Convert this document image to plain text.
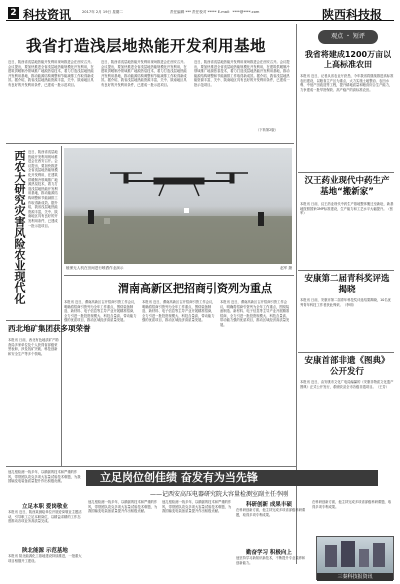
2 科技资讯	2017年 2月 19日 星期二	责任编辑 *** 责任校对 ***** E-mail：****@****.com	陕西科技报
我省打造浅层地热能开发利用基地
近日，陕西省浅层地热能开发利用现场推进会在西安召开。会议提出，要加快推进全省浅层地热能规模化开发利用，在建筑供暖制冷领域推广地源热泵技术，着力打造浅层地热能开发利用基地，推动能源结构调整和节能减排工作取得新成效。据介绍，我省浅层地热能资源丰富，关中、陕南地区具有良好的开发利用条件，已建成一批示范项目。
近日，陕西省浅层地热能开发利用现场推进会在西安召开。会议提出，要加快推进全省浅层地热能规模化开发利用，在建筑供暖制冷领域推广地源热泵技术，着力打造浅层地热能开发利用基地，推动能源结构调整和节能减排工作取得新成效。据介绍，我省浅层地热能资源丰富，关中、陕南地区具有良好的开发利用条件，已建成一批示范项目。
近日，陕西省浅层地热能开发利用现场推进会在西安召开。会议提出，要加快推进全省浅层地热能规模化开发利用，在建筑供暖制冷领域推广地源热泵技术，着力打造浅层地热能开发利用基地，推动能源结构调整和节能减排工作取得新成效。据介绍，我省浅层地热能资源丰富，关中、陕南地区具有良好的开发利用条件，已建成一批示范项目。
（下转第2版）
观点 ・ 短评
我省将建成1200万亩以上高标准农田
本报讯 近日，记者从省农业厅获悉，今年我省将继续推进高标准农田建设，以粮食主产区为重点，大力实施土地整治、农田水利、中低产田改造等工程，提升耕地质量和粮食综合生产能力，力争建成一批旱涝保收、高产稳产的高标准农田。
汉王药业现代中药生产基地“搬新家”
本报讯 日前，汉王药业现代中药生产基地整体搬迁至新址，新基地按照国家GMP标准建设，生产能力和工艺水平大幅提升。（张军）
安康第二届青科奖评选揭晓
本报讯 日前，安康市第二届青年科技奖评选结果揭晓，10名优秀青年科技工作者获此殊荣。（李明）
安康首部非遗《图典》公开发行
本报讯 近日，由安康市文化广电局编纂的《安康非物质文化遗产图典》正式公开发行，系统收录全市各级非遗项目。（王芳）
西农大研究灾害风险农业现代化 近日，陕西省浅层地热能开发利用现场推进会在西安召开。会议提出，要加快推进全省浅层地热能规模化开发利用，在建筑供暖制冷领域推广地源热泵技术，着力打造浅层地热能开发利用基地，推动能源结构调整和节能减排工作取得新成效。据介绍，我省浅层地热能资源丰富，关中、陕南地区具有良好的开发利用条件，已建成一批示范项目。
植保无人机在田间进行喷洒作业演示	赵军 摄
西北地矿集团获多项荣誉
本报讯 日前，西北有色地质矿产勘查局多家单位及个人获得省部级荣誉表彰，涉及找矿突破、科技创新和安全生产等多个领域。
渭南高新区把招商引资列为重点
本报讯 近日，渭南高新区召开招商引资工作会议，明确将招商引资列为全年工作重点，围绕装备制造、新材料、电子信息等主导产业开展精准招商，全力引进一批投资规模大、科技含量高、带动能力强的优质项目，推动区域经济高质量发展。
本报讯 近日，渭南高新区召开招商引资工作会议，明确将招商引资列为全年工作重点，围绕装备制造、新材料、电子信息等主导产业开展精准招商，全力引进一批投资规模大、科技含量高、带动能力强的优质项目，推动区域经济高质量发展。
本报讯 近日，渭南高新区召开招商引资工作会议，明确将招商引资列为全年工作重点，围绕装备制造、新材料、电子信息等主导产业开展精准招商，全力引进一批投资规模大、科技含量高、带动能力强的优质项目，推动区域经济高质量发展。
立足岗位创佳绩 奋发有为当先锋
——记西安高压电器研究院大容量检测室副主任李刚
他扎根检测一线多年，以精湛的技术和严谨的作风，带领团队攻克多项大容量试验技术难题，为我国输变电装备质量提升作出积极贡献。
立足本职 爱岗敬业
本报讯 近日，陕西某测绘单位开展爱岗敬业主题活动，引导职工立足本职岗位，以精益求精的工作态度推动各项业务高质量完成。
陕北能源 示范基地
本报讯 陕北能源化工基地建设持续推进，一批重大项目相继开工建设。
他扎根检测一线多年，以精湛的技术和严谨的作风，带领团队攻克多项大容量试验技术难题，为我国输变电装备质量提升作出积极贡献。
他扎根检测一线多年，以精湛的技术和严谨的作风，带领团队攻克多项大容量试验技术难题，为我国输变电装备质量提升作出积极贡献。
科研创新 成果丰硕
在科研创新方面，他主持完成多项省部级科研课题，取得多项专利成果。
勤奋学习 积极向上
他坚持学习新知识新技术，不断提升专业素养和创新能力。
在科研创新方面，他主持完成多项省部级科研课题，取得多项专利成果。
三秦科技报资讯
